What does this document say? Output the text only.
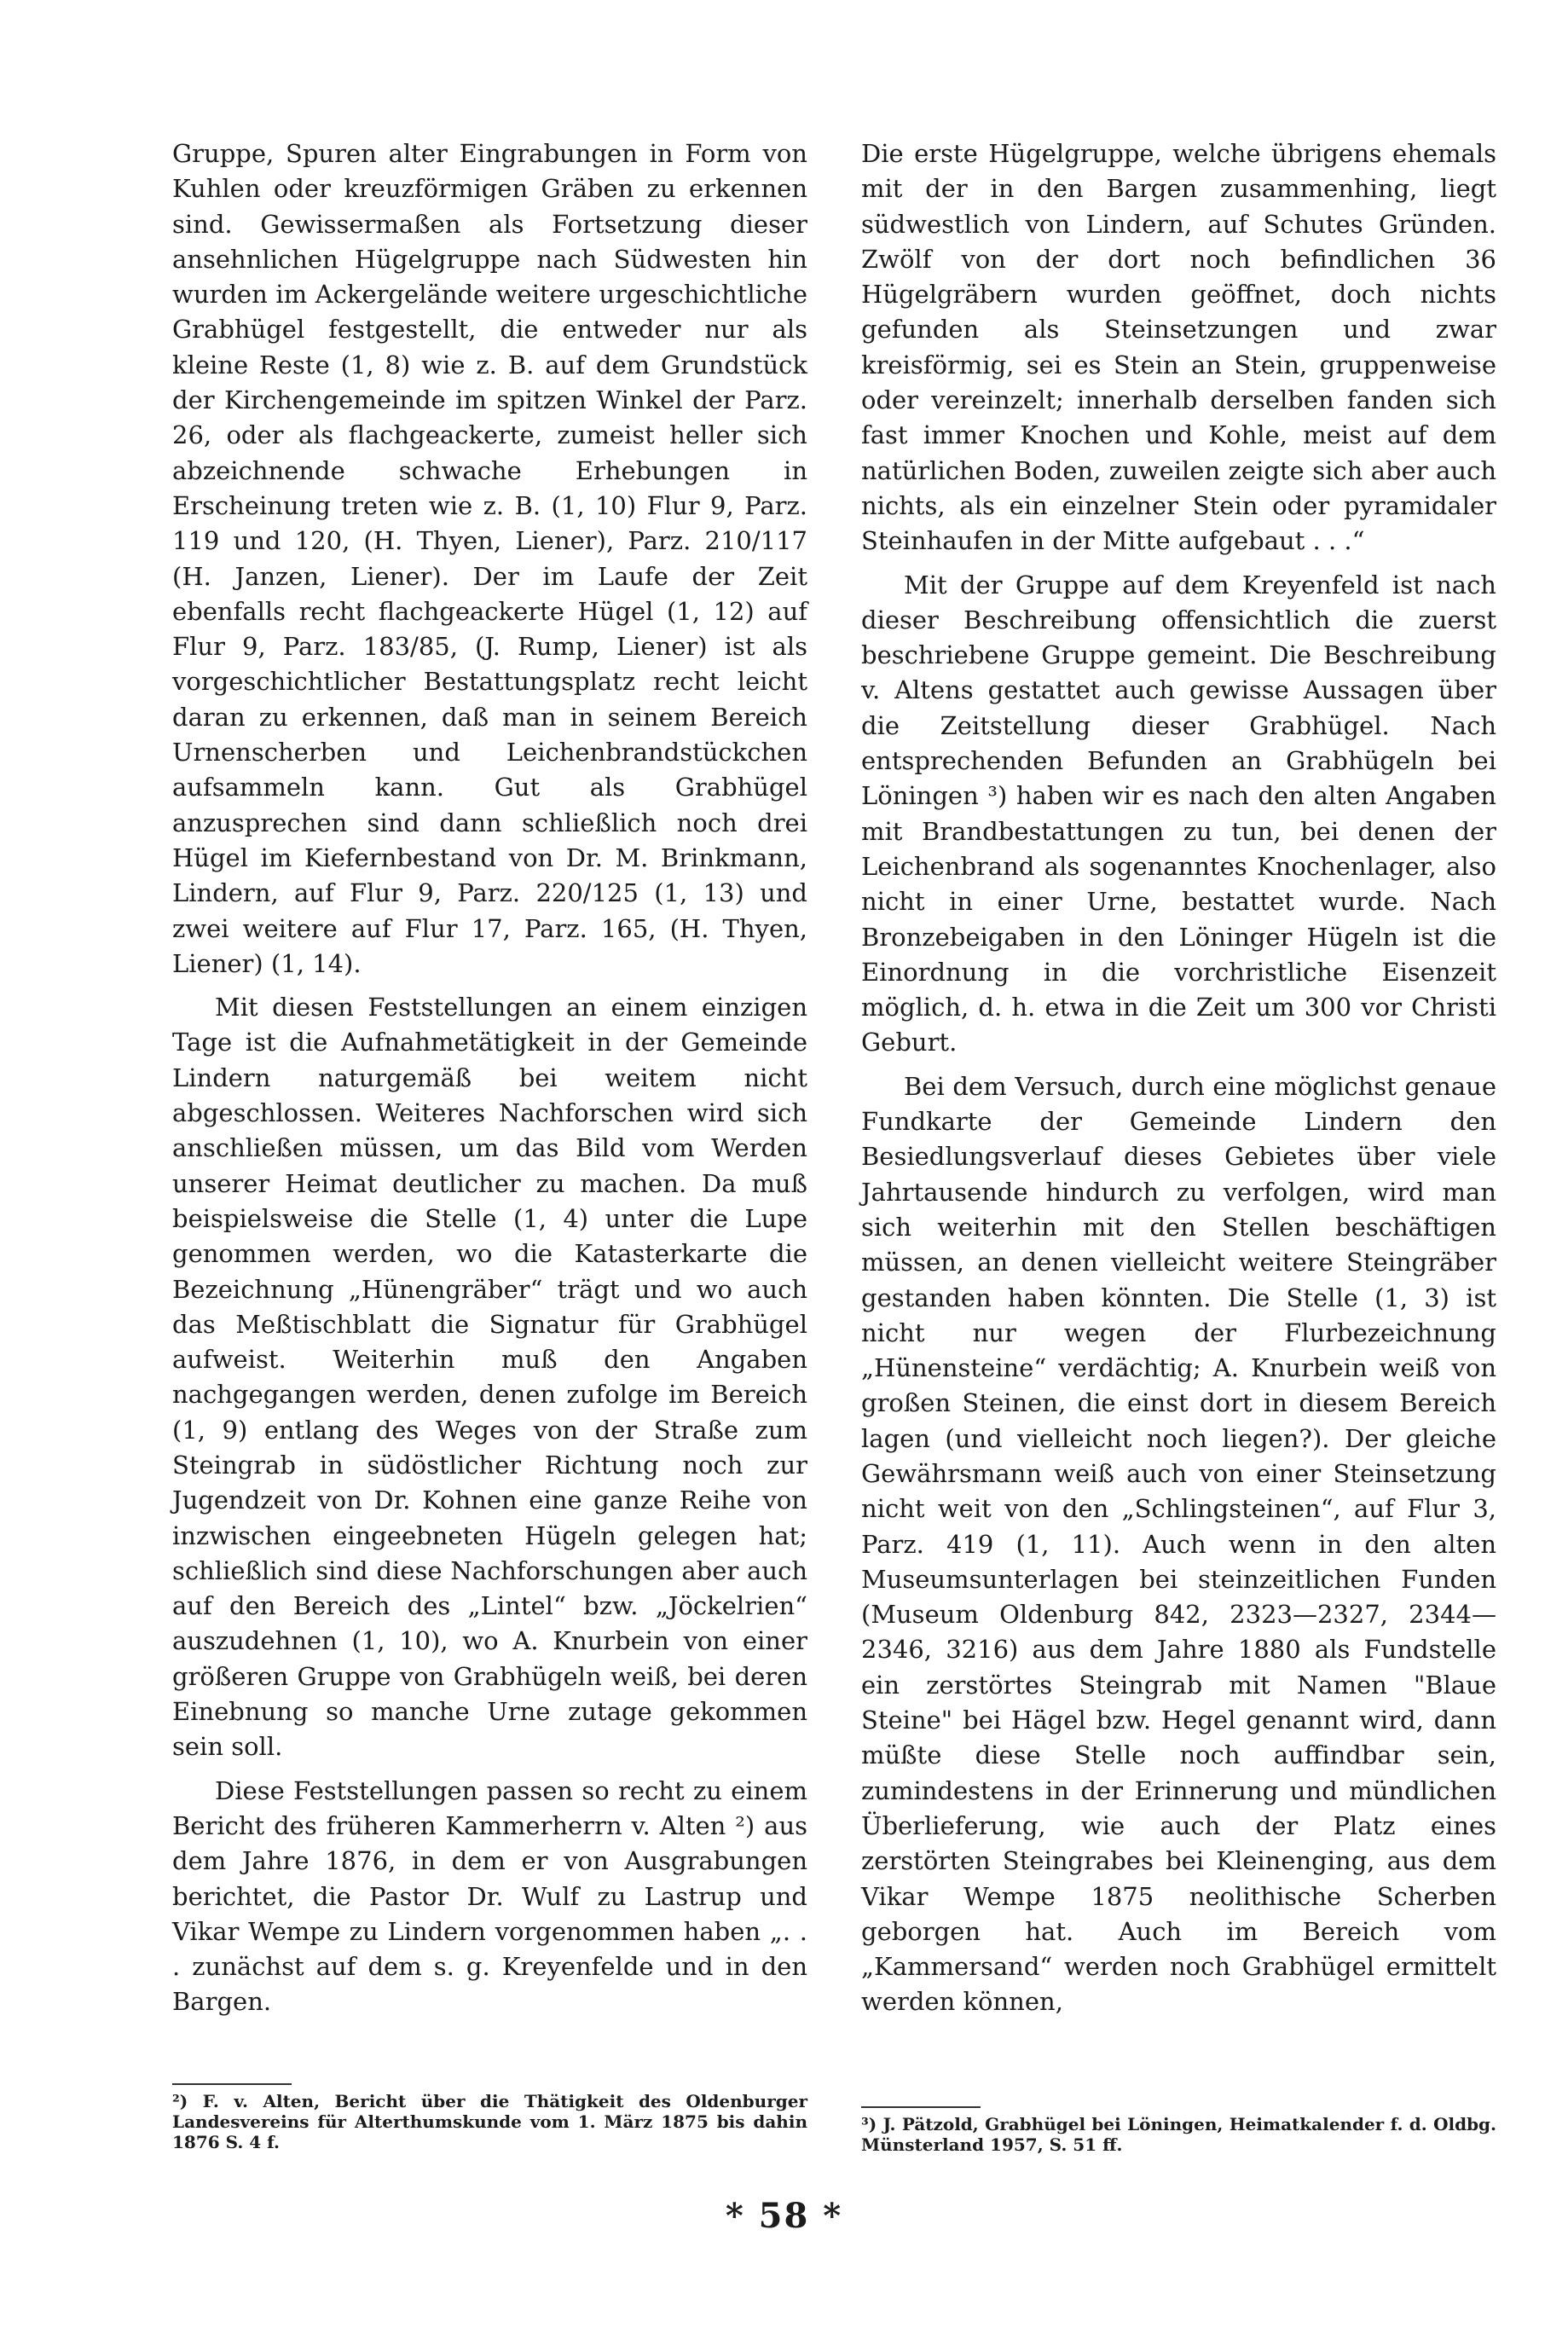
Gruppe, Spuren alter Eingrabungen in Form von Kuhlen oder kreuzförmigen Gräben zu erkennen sind. Gewissermaßen als Fortsetzung dieser ansehnlichen Hügelgruppe nach Südwesten hin wurden im Ackergelände weitere urgeschichtliche Grabhügel festgestellt, die entweder nur als kleine Reste (1, 8) wie z. B. auf dem Grundstück der Kirchengemeinde im spitzen Winkel der Parz. 26, oder als flachgeackerte, zumeist heller sich abzeichnende schwache Erhebungen in Erscheinung treten wie z. B. (1, 10) Flur 9, Parz. 119 und 120, (H. Thyen, Liener), Parz. 210/117 (H. Janzen, Liener). Der im Laufe der Zeit ebenfalls recht flachgeackerte Hügel (1, 12) auf Flur 9, Parz. 183/85, (J. Rump, Liener) ist als vorgeschichtlicher Bestattungsplatz recht leicht daran zu erkennen, daß man in seinem Bereich Urnenscherben und Leichenbrandstückchen aufsammeln kann. Gut als Grabhügel anzusprechen sind dann schließlich noch drei Hügel im Kiefernbestand von Dr. M. Brinkmann, Lindern, auf Flur 9, Parz. 220/125 (1, 13) und zwei weitere auf Flur 17, Parz. 165, (H. Thyen, Liener) (1, 14).

Mit diesen Feststellungen an einem einzigen Tage ist die Aufnahmetätigkeit in der Gemeinde Lindern naturgemäß bei weitem nicht abgeschlossen. Weiteres Nachforschen wird sich anschließen müssen, um das Bild vom Werden unserer Heimat deutlicher zu machen. Da muß beispielsweise die Stelle (1, 4) unter die Lupe genommen werden, wo die Katasterkarte die Bezeichnung „Hünengräber“ trägt und wo auch das Meßtischblatt die Signatur für Grabhügel aufweist. Weiterhin muß den Angaben nachgegangen werden, denen zufolge im Bereich (1, 9) entlang des Weges von der Straße zum Steingrab in südöstlicher Richtung noch zur Jugendzeit von Dr. Kohnen eine ganze Reihe von inzwischen eingeebneten Hügeln gelegen hat; schließlich sind diese Nachforschungen aber auch auf den Bereich des „Lintel“ bzw. „Jöckelrien“ auszudehnen (1, 10), wo A. Knurbein von einer größeren Gruppe von Grabhügeln weiß, bei deren Einebnung so manche Urne zutage gekommen sein soll.

Diese Feststellungen passen so recht zu einem Bericht des früheren Kammerherrn v. Alten ²) aus dem Jahre 1876, in dem er von Ausgrabungen berichtet, die Pastor Dr. Wulf zu Lastrup und Vikar Wempe zu Lindern vorgenommen haben „. . . zunächst auf dem s. g. Kreyenfelde und in den Bargen.

Die erste Hügelgruppe, welche übrigens ehemals mit der in den Bargen zusammenhing, liegt südwestlich von Lindern, auf Schutes Gründen. Zwölf von der dort noch befindlichen 36 Hügelgräbern wurden geöffnet, doch nichts gefunden als Steinsetzungen und zwar kreisförmig, sei es Stein an Stein, gruppenweise oder vereinzelt; innerhalb derselben fanden sich fast immer Knochen und Kohle, meist auf dem natürlichen Boden, zuweilen zeigte sich aber auch nichts, als ein einzelner Stein oder pyramidaler Steinhaufen in der Mitte aufgebaut . . .“

Mit der Gruppe auf dem Kreyenfeld ist nach dieser Beschreibung offensichtlich die zuerst beschriebene Gruppe gemeint. Die Beschreibung v. Altens gestattet auch gewisse Aussagen über die Zeitstellung dieser Grabhügel. Nach entsprechenden Befunden an Grabhügeln bei Löningen ³) haben wir es nach den alten Angaben mit Brandbestattungen zu tun, bei denen der Leichenbrand als sogenanntes Knochenlager, also nicht in einer Urne, bestattet wurde. Nach Bronzebeigaben in den Löninger Hügeln ist die Einordnung in die vorchristliche Eisenzeit möglich, d. h. etwa in die Zeit um 300 vor Christi Geburt.

Bei dem Versuch, durch eine möglichst genaue Fundkarte der Gemeinde Lindern den Besiedlungsverlauf dieses Gebietes über viele Jahrtausende hindurch zu verfolgen, wird man sich weiterhin mit den Stellen beschäftigen müssen, an denen vielleicht weitere Steingräber gestanden haben könnten. Die Stelle (1, 3) ist nicht nur wegen der Flurbezeichnung „Hünensteine“ verdächtig; A. Knurbein weiß von großen Steinen, die einst dort in diesem Bereich lagen (und vielleicht noch liegen?). Der gleiche Gewährsmann weiß auch von einer Steinsetzung nicht weit von den „Schlingsteinen“, auf Flur 3, Parz. 419 (1, 11). Auch wenn in den alten Museumsunterlagen bei steinzeitlichen Funden (Museum Oldenburg 842, 2323—2327, 2344—2346, 3216) aus dem Jahre 1880 als Fundstelle ein zerstörtes Steingrab mit Namen "Blaue Steine" bei Hägel bzw. Hegel genannt wird, dann müßte diese Stelle noch auffindbar sein, zumindestens in der Erinnerung und mündlichen Überlieferung, wie auch der Platz eines zerstörten Steingrabes bei Kleinenging, aus dem Vikar Wempe 1875 neolithische Scherben geborgen hat. Auch im Bereich vom „Kammersand“ werden noch Grabhügel ermittelt werden können,

²) F. v. Alten, Bericht über die Thätigkeit des Oldenburger Landesvereins für Alterthumskunde vom 1. März 1875 bis dahin 1876 S. 4 f.
³) J. Pätzold, Grabhügel bei Löningen, Heimatkalender f. d. Oldbg. Münsterland 1957, S. 51 ff.
* 58 *
